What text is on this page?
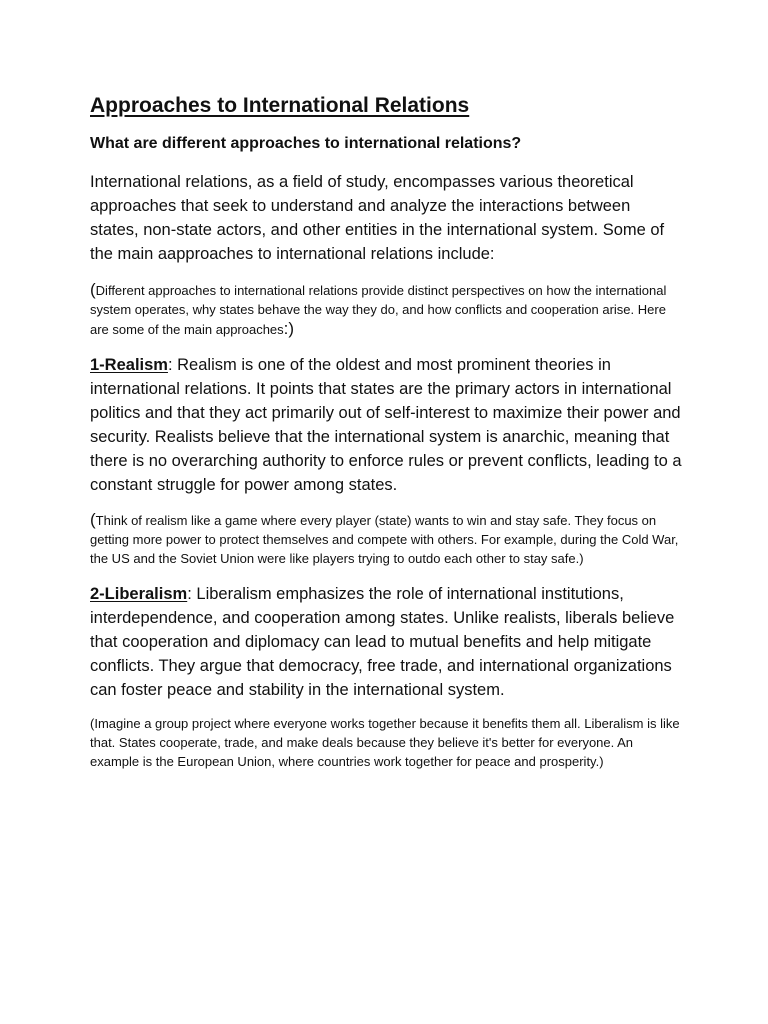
Approaches to International Relations

What are different approaches to international relations?

International relations, as a field of study, encompasses various theoretical approaches that seek to understand and analyze the interactions between states, non-state actors, and other entities in the international system. Some of the main aapproaches to international relations include:

(Different approaches to international relations provide distinct perspectives on how the international system operates, why states behave the way they do, and how conflicts and cooperation arise. Here are some of the main approaches:)

1-Realism: Realism is one of the oldest and most prominent theories in international relations. It points that states are the primary actors in international politics and that they act primarily out of self-interest to maximize their power and security. Realists believe that the international system is anarchic, meaning that there is no overarching authority to enforce rules or prevent conflicts, leading to a constant struggle for power among states.

(Think of realism like a game where every player (state) wants to win and stay safe. They focus on getting more power to protect themselves and compete with others. For example, during the Cold War, the US and the Soviet Union were like players trying to outdo each other to stay safe.)

2-Liberalism: Liberalism emphasizes the role of international institutions, interdependence, and cooperation among states. Unlike realists, liberals believe that cooperation and diplomacy can lead to mutual benefits and help mitigate conflicts. They argue that democracy, free trade, and international organizations can foster peace and stability in the international system.

(Imagine a group project where everyone works together because it benefits them all. Liberalism is like that. States cooperate, trade, and make deals because they believe it's better for everyone. An example is the European Union, where countries work together for peace and prosperity.)
